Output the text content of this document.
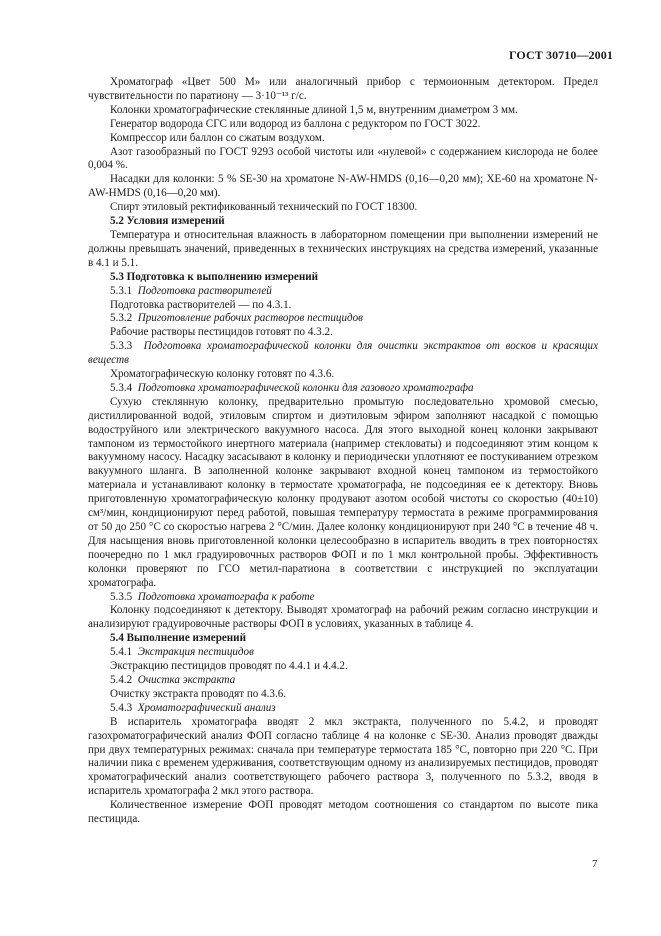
ГОСТ 30710—2001

Хроматограф «Цвет 500 М» или аналогичный прибор с термоионным детектором. Предел чувствительности по паратиону — 3·10⁻¹³ г/с.

Колонки хроматографические стеклянные длиной 1,5 м, внутренним диаметром 3 мм.

Генератор водорода СГС или водород из баллона с редуктором по ГОСТ 3022.

Компрессор или баллон со сжатым воздухом.

Азот газообразный по ГОСТ 9293 особой чистоты или «нулевой» с содержанием кислорода не более 0,004 %.

Насадки для колонки: 5 % SE-30 на хроматоне N-AW-HMDS (0,16—0,20 мм); XE-60 на хроматоне N-AW-HMDS (0,16—0,20 мм).

Спирт этиловый ректификованный технический по ГОСТ 18300.

5.2 Условия измерений

Температура и относительная влажность в лабораторном помещении при выполнении измерений не должны превышать значений, приведенных в технических инструкциях на средства измерений, указанные в 4.1 и 5.1.

5.3 Подготовка к выполнению измерений

5.3.1 Подготовка растворителей

Подготовка растворителей — по 4.3.1.

5.3.2 Приготовление рабочих растворов пестицидов

Рабочие растворы пестицидов готовят по 4.3.2.

5.3.3 Подготовка хроматографической колонки для очистки экстрактов от восков и красящих веществ

Хроматографическую колонку готовят по 4.3.6.

5.3.4 Подготовка хроматографической колонки для газового хроматографа

Сухую стеклянную колонку, предварительно промытую последовательно хромовой смесью, дистиллированной водой, этиловым спиртом и диэтиловым эфиром заполняют насадкой с помощью водоструйного или электрического вакуумного насоса. Для этого выходной конец колонки закрывают тампоном из термостойкого инертного материала (например стекловаты) и подсоединяют этим концом к вакуумному насосу. Насадку засасывают в колонку и периодически уплотняют ее постукиванием отрезком вакуумного шланга. В заполненной колонке закрывают входной конец тампоном из термостойкого материала и устанавливают колонку в термостате хроматографа, не подсоединяя ее к детектору. Вновь приготовленную хроматографическую колонку продувают азотом особой чистоты со скоростью (40±10) см³/мин, кондиционируют перед работой, повышая температуру термостата в режиме программирования от 50 до 250 °С со скоростью нагрева 2 °С/мин. Далее колонку кондиционируют при 240 °С в течение 48 ч. Для насыщения вновь приготовленной колонки целесообразно в испаритель вводить в трех повторностях поочередно по 1 мкл градуировочных растворов ФОП и по 1 мкл контрольной пробы. Эффективность колонки проверяют по ГСО метил-паратиона в соответствии с инструкцией по эксплуатации хроматографа.

5.3.5 Подготовка хроматографа к работе

Колонку подсоединяют к детектору. Выводят хроматограф на рабочий режим согласно инструкции и анализируют градуировочные растворы ФОП в условиях, указанных в таблице 4.

5.4 Выполнение измерений

5.4.1 Экстракция пестицидов

Экстракцию пестицидов проводят по 4.4.1 и 4.4.2.

5.4.2 Очистка экстракта

Очистку экстракта проводят по 4.3.6.

5.4.3 Хроматографический анализ

В испаритель хроматографа вводят 2 мкл экстракта, полученного по 5.4.2, и проводят газохроматографический анализ ФОП согласно таблице 4 на колонке с SE-30. Анализ проводят дважды при двух температурных режимах: сначала при температуре термостата 185 °С, повторно при 220 °С. При наличии пика с временем удерживания, соответствующим одному из анализируемых пестицидов, проводят хроматографический анализ соответствующего рабочего раствора 3, полученного по 5.3.2, вводя в испаритель хроматографа 2 мкл этого раствора.

Количественное измерение ФОП проводят методом соотношения со стандартом по высоте пика пестицида.

7
